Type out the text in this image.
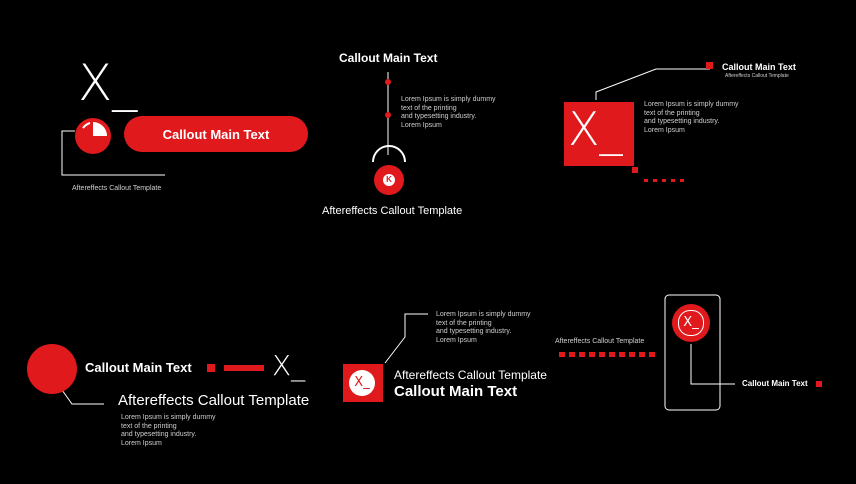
X_
Callout Main Text
Aftereffects Callout Template
Callout Main Text
Lorem Ipsum is simply dummy
text of the printing
and typesetting industry.
Lorem Ipsum
K
Aftereffects Callout Template
Callout Main Text
Aftereffects Callout Template
X_	Lorem Ipsum is simply dummy
text of the printing
and typesetting industry.
Lorem Ipsum
Callout Main Text	X_
Aftereffects Callout Template
Lorem Ipsum is simply dummy
text of the printing
and typesetting industry.
Lorem Ipsum
Lorem Ipsum is simply dummy
text of the printing
and typesetting industry.
Lorem Ipsum
X_	Aftereffects Callout Template
Callout Main Text
Aftereffects Callout Template
X_
Callout Main Text
